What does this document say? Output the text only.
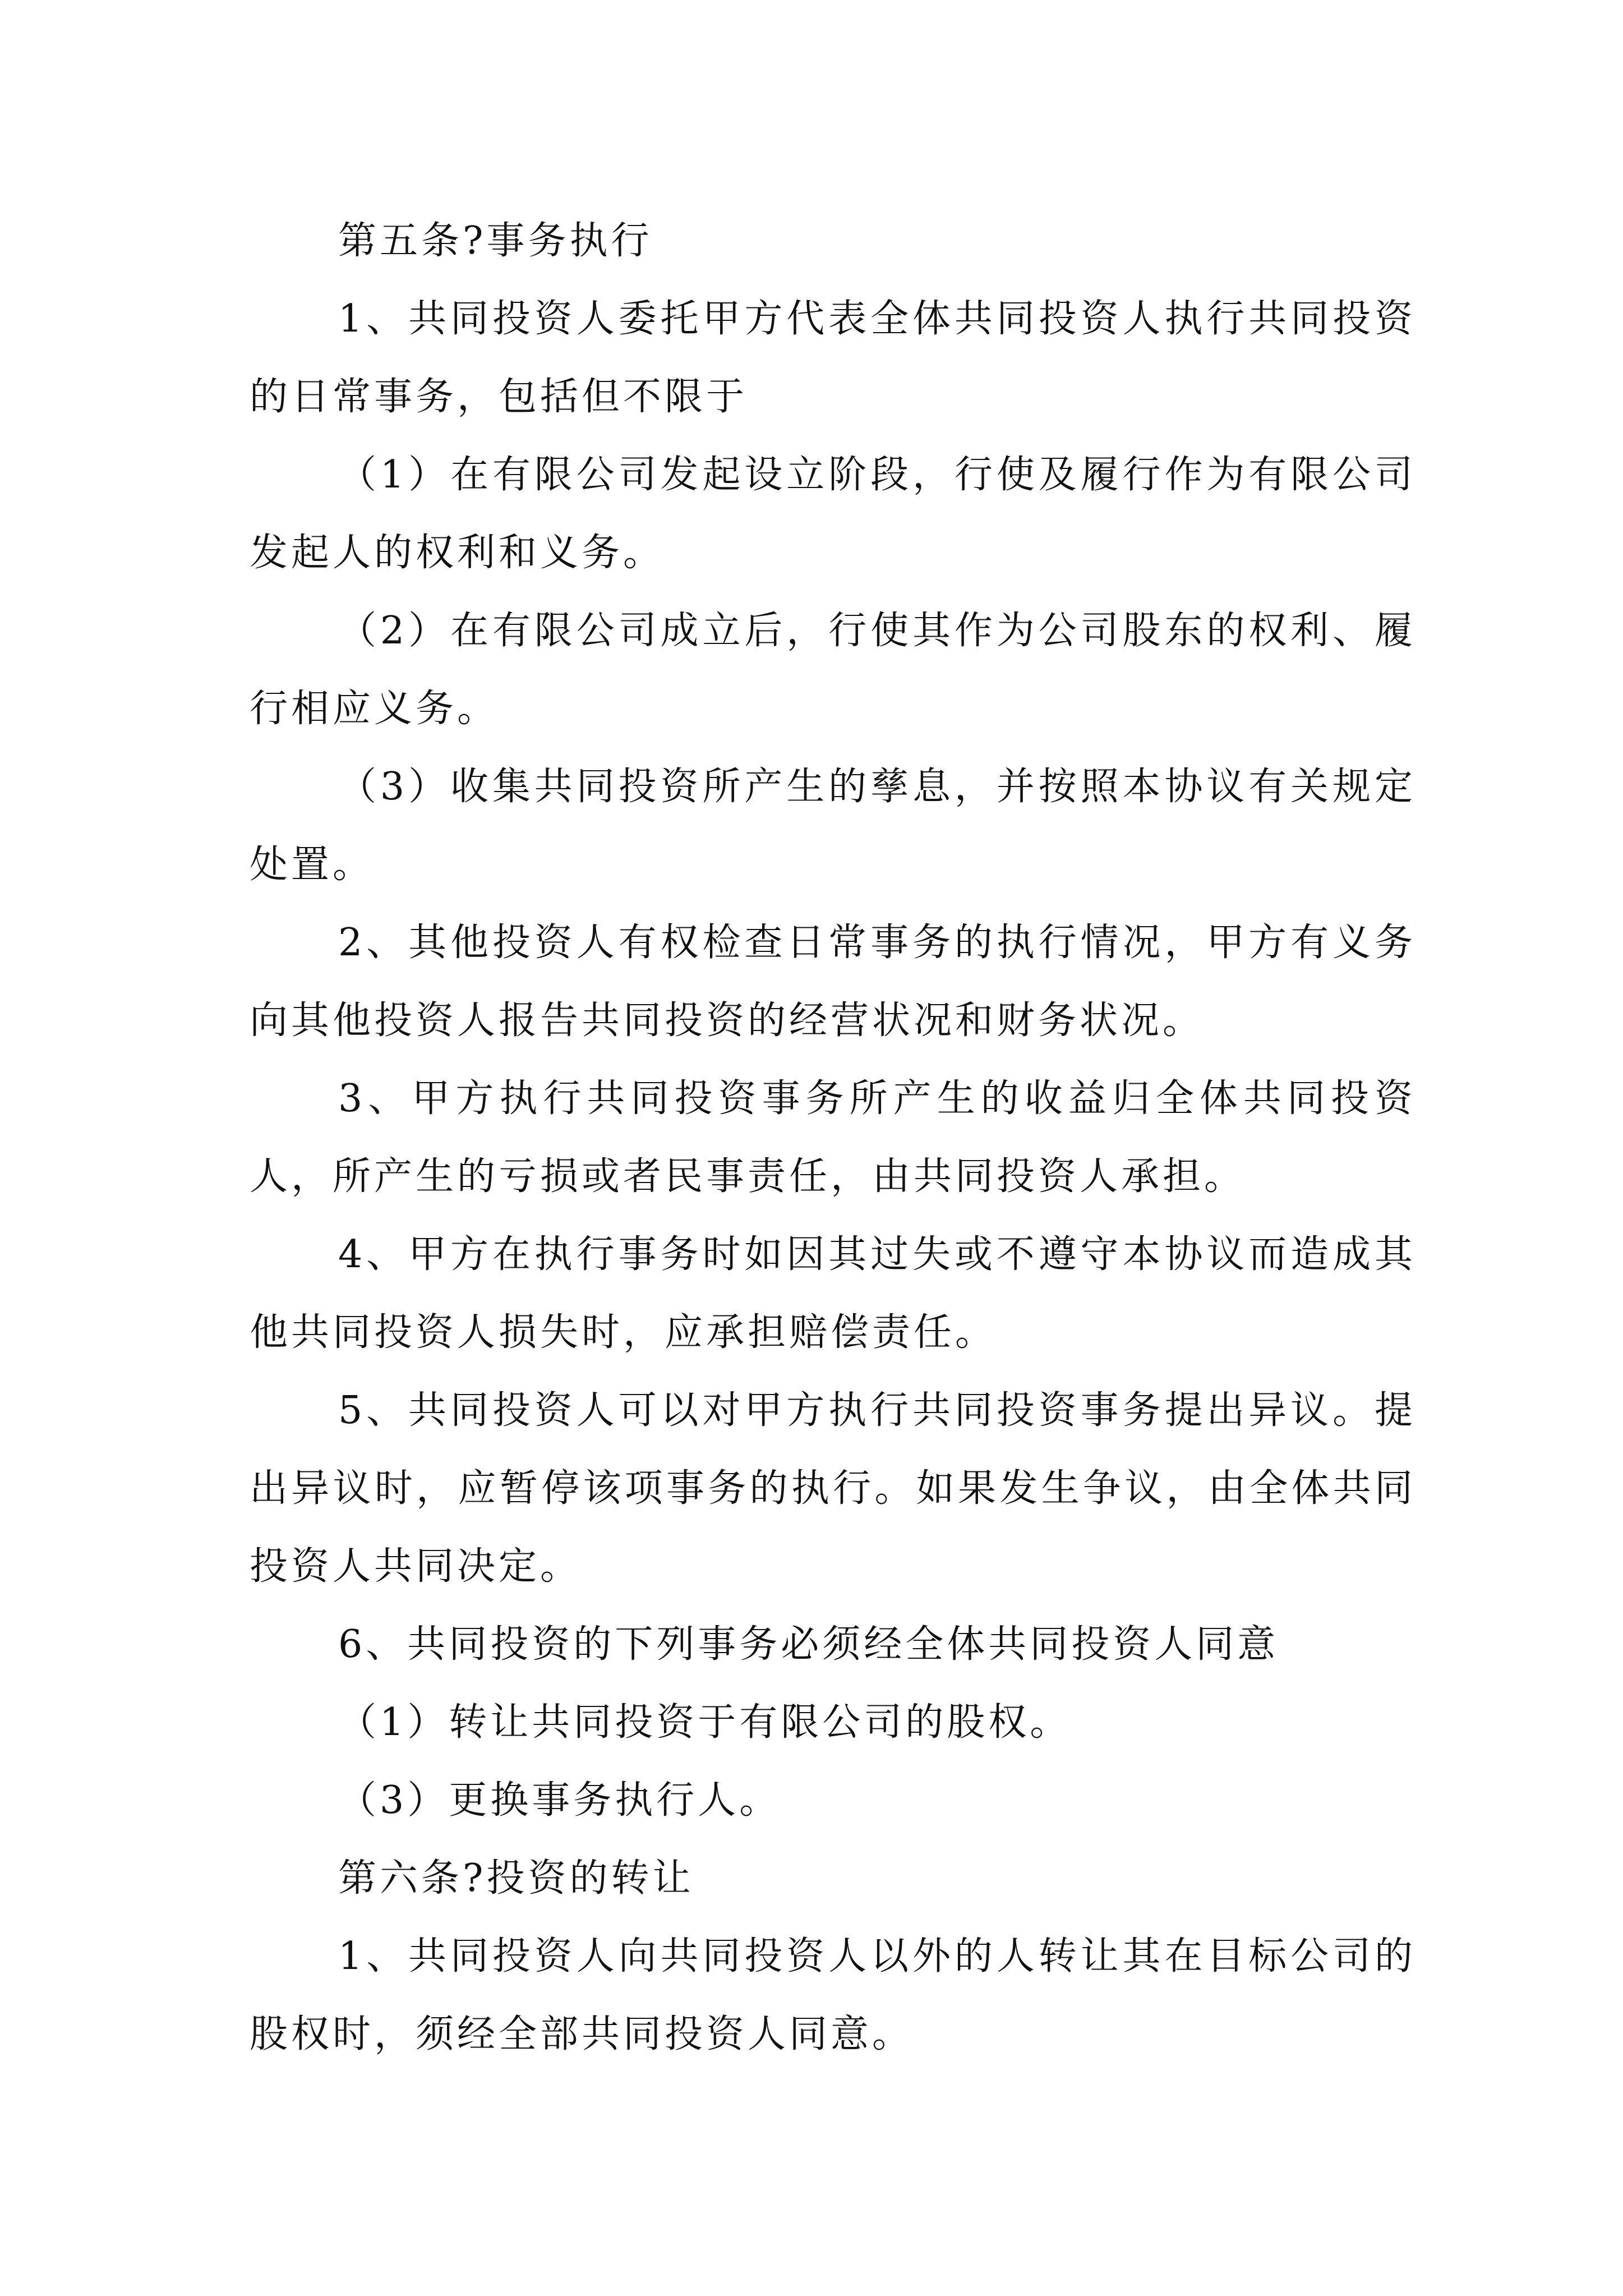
第五条?事务执行

1、共同投资人委托甲方代表全体共同投资人执行共同投资的日常事务，包括但不限于

（1）在有限公司发起设立阶段，行使及履行作为有限公司发起人的权利和义务。

（2）在有限公司成立后，行使其作为公司股东的权利、履行相应义务。

（3）收集共同投资所产生的孳息，并按照本协议有关规定处置。

2、其他投资人有权检查日常事务的执行情况，甲方有义务向其他投资人报告共同投资的经营状况和财务状况。

3、甲方执行共同投资事务所产生的收益归全体共同投资人，所产生的亏损或者民事责任，由共同投资人承担。

4、甲方在执行事务时如因其过失或不遵守本协议而造成其他共同投资人损失时，应承担赔偿责任。

5、共同投资人可以对甲方执行共同投资事务提出异议。提出异议时，应暂停该项事务的执行。如果发生争议，由全体共同投资人共同决定。

6、共同投资的下列事务必须经全体共同投资人同意

（1）转让共同投资于有限公司的股权。

（3）更换事务执行人。

第六条?投资的转让

1、共同投资人向共同投资人以外的人转让其在目标公司的股权时，须经全部共同投资人同意。
